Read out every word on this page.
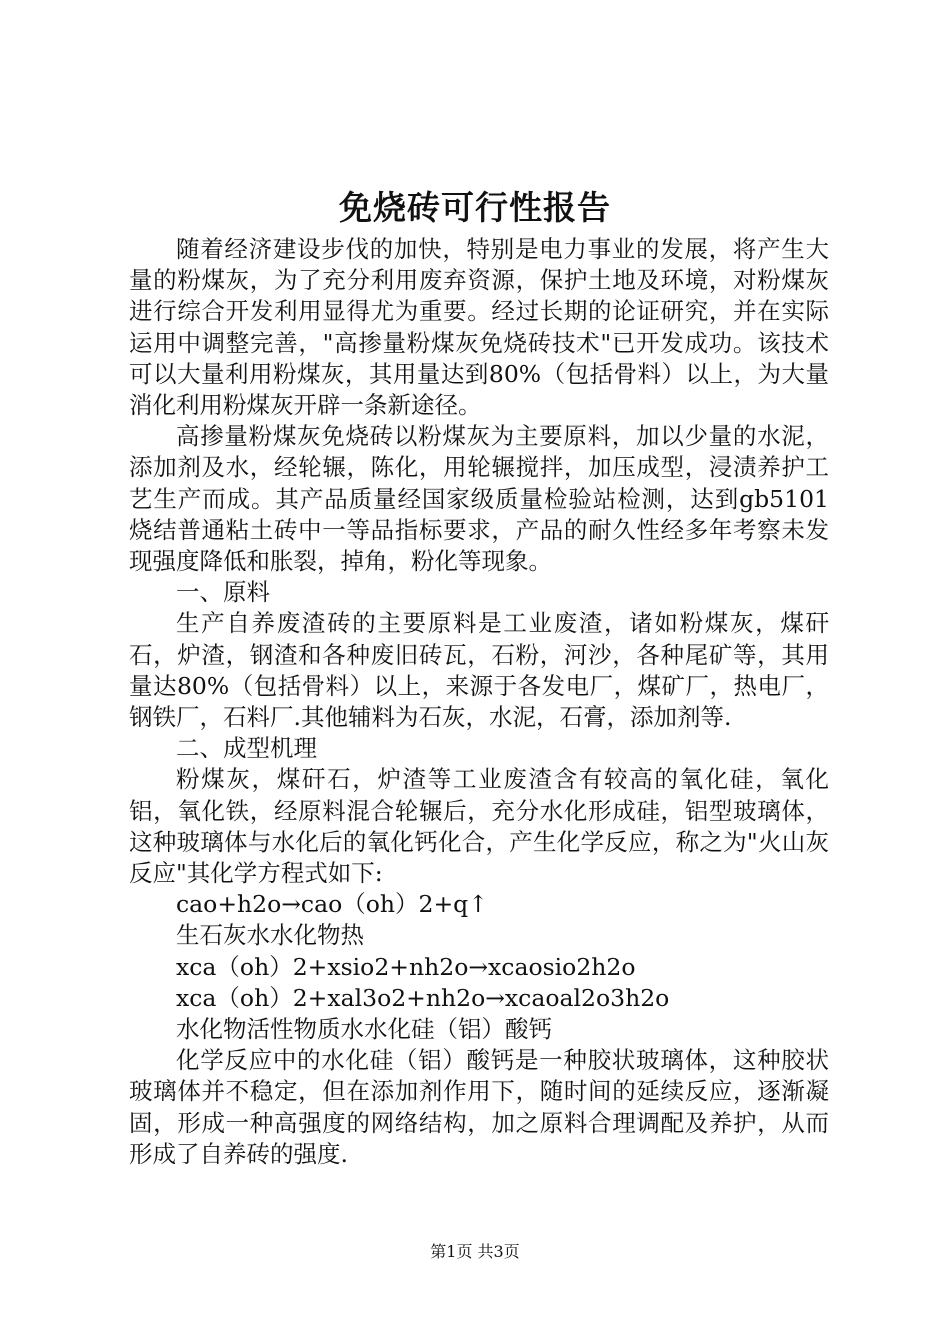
免烧砖可行性报告

随着经济建设步伐的加快，特别是电力事业的发展，将产生大量的粉煤灰，为了充分利用废弃资源，保护土地及环境，对粉煤灰进行综合开发利用显得尤为重要。经过长期的论证研究，并在实际运用中调整完善，"高掺量粉煤灰免烧砖技术"已开发成功。该技术可以大量利用粉煤灰，其用量达到80%（包括骨料）以上，为大量消化利用粉煤灰开辟一条新途径。

高掺量粉煤灰免烧砖以粉煤灰为主要原料，加以少量的水泥，添加剂及水，经轮辗，陈化，用轮辗搅拌，加压成型，浸渍养护工艺生产而成。其产品质量经国家级质量检验站检测，达到gb5101烧结普通粘土砖中一等品指标要求，产品的耐久性经多年考察未发现强度降低和胀裂，掉角，粉化等现象。

一、原料

生产自养废渣砖的主要原料是工业废渣，诸如粉煤灰，煤矸石，炉渣，钢渣和各种废旧砖瓦，石粉，河沙，各种尾矿等，其用量达80%（包括骨料）以上，来源于各发电厂，煤矿厂，热电厂，钢铁厂，石料厂.其他辅料为石灰，水泥，石膏，添加剂等.

二、成型机理

粉煤灰，煤矸石，炉渣等工业废渣含有较高的氧化硅，氧化铝，氧化铁，经原料混合轮辗后，充分水化形成硅，铝型玻璃体，这种玻璃体与水化后的氧化钙化合，产生化学反应，称之为"火山灰反应"其化学方程式如下:

cao+h2o→cao（oh）2+q↑

生石灰水水化物热

xca（oh）2+xsio2+nh2o→xcaosio2h2o

xca（oh）2+xal3o2+nh2o→xcaoal2o3h2o

水化物活性物质水水化硅（铝）酸钙

化学反应中的水化硅（铝）酸钙是一种胶状玻璃体，这种胶状玻璃体并不稳定，但在添加剂作用下，随时间的延续反应，逐渐凝固，形成一种高强度的网络结构，加之原料合理调配及养护，从而形成了自养砖的强度.

第1页 共3页
